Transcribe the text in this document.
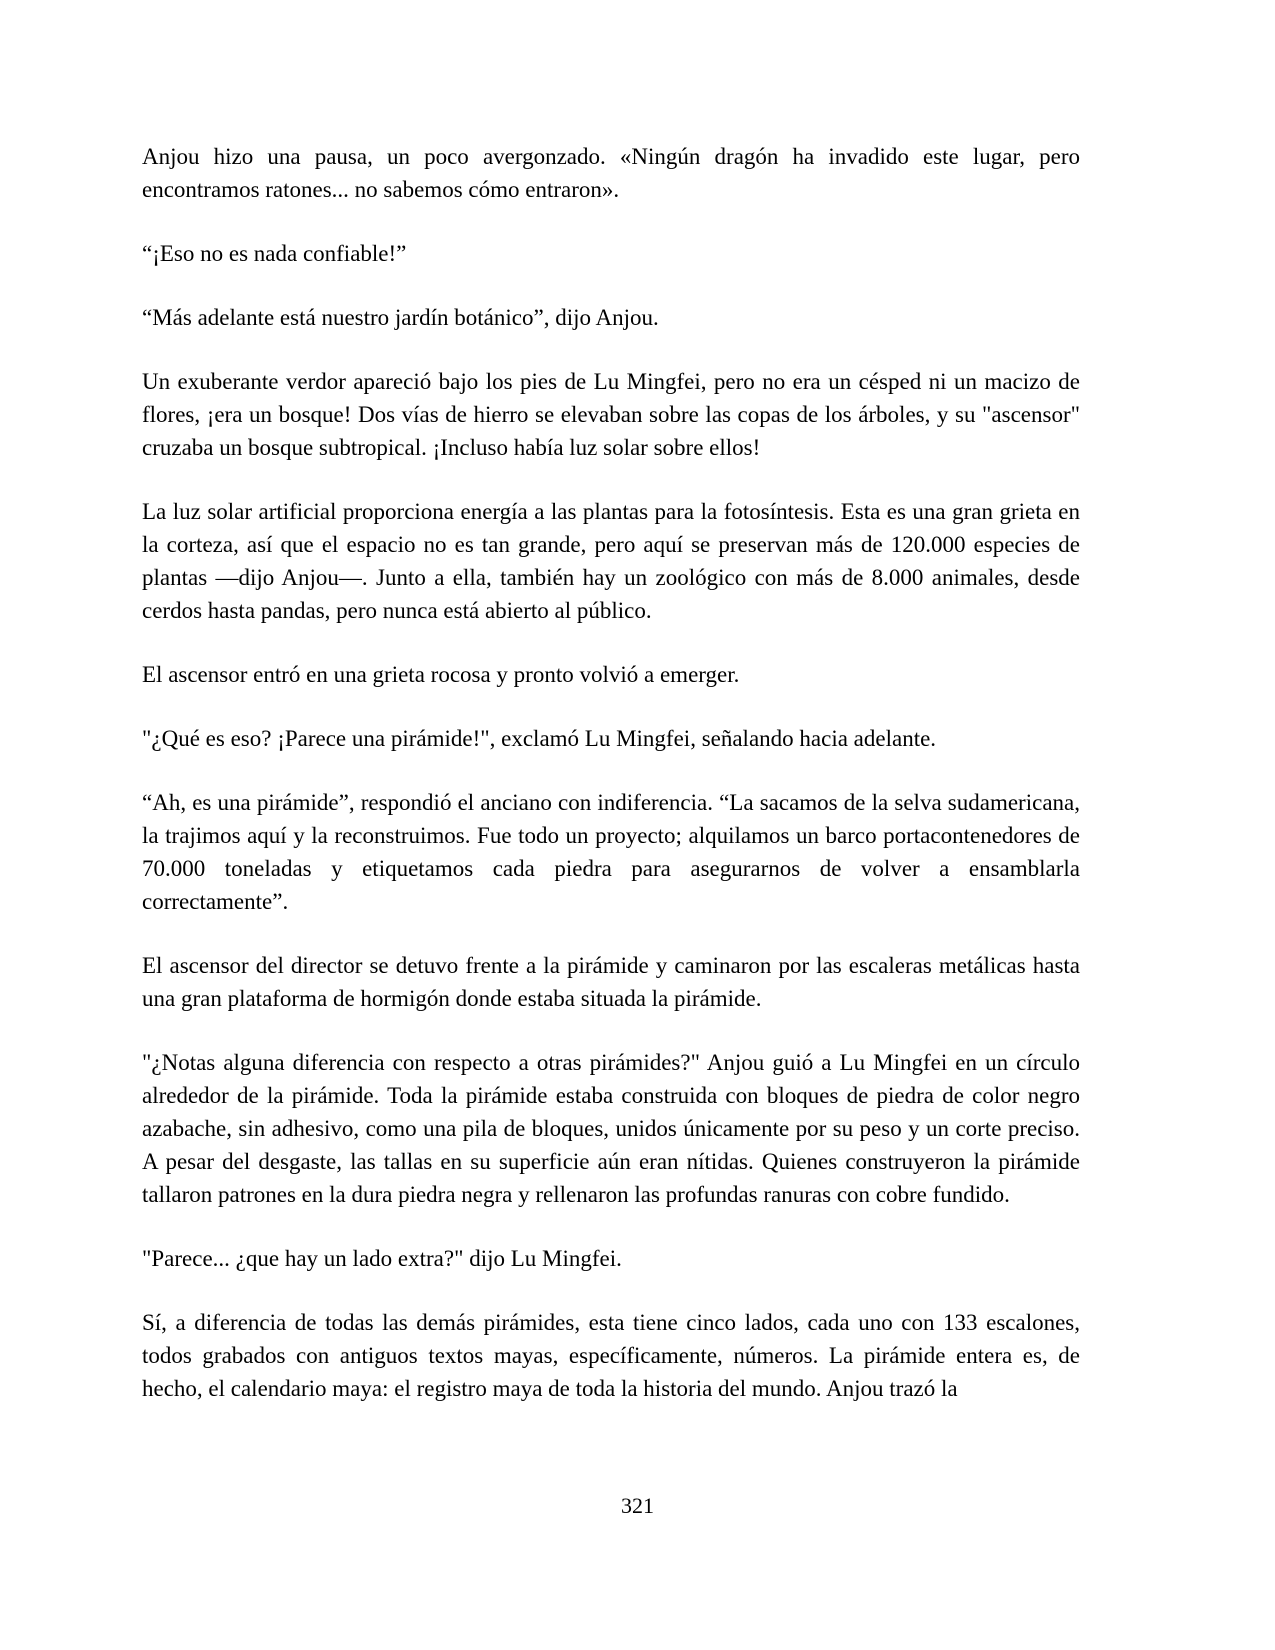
Anjou hizo una pausa, un poco avergonzado. «Ningún dragón ha invadido este lugar, pero encontramos ratones... no sabemos cómo entraron».

“¡Eso no es nada confiable!”

“Más adelante está nuestro jardín botánico”, dijo Anjou.

Un exuberante verdor apareció bajo los pies de Lu Mingfei, pero no era un césped ni un macizo de flores, ¡era un bosque! Dos vías de hierro se elevaban sobre las copas de los árboles, y su "ascensor" cruzaba un bosque subtropical. ¡Incluso había luz solar sobre ellos!

La luz solar artificial proporciona energía a las plantas para la fotosíntesis. Esta es una gran grieta en la corteza, así que el espacio no es tan grande, pero aquí se preservan más de 120.000 especies de plantas —dijo Anjou—. Junto a ella, también hay un zoológico con más de 8.000 animales, desde cerdos hasta pandas, pero nunca está abierto al público.

El ascensor entró en una grieta rocosa y pronto volvió a emerger.

"¿Qué es eso? ¡Parece una pirámide!", exclamó Lu Mingfei, señalando hacia adelante.

“Ah, es una pirámide”, respondió el anciano con indiferencia. “La sacamos de la selva sudamericana, la trajimos aquí y la reconstruimos. Fue todo un proyecto; alquilamos un barco portacontenedores de 70.000 toneladas y etiquetamos cada piedra para asegurarnos de volver a ensamblarla correctamente”.

El ascensor del director se detuvo frente a la pirámide y caminaron por las escaleras metálicas hasta una gran plataforma de hormigón donde estaba situada la pirámide.

"¿Notas alguna diferencia con respecto a otras pirámides?" Anjou guió a Lu Mingfei en un círculo alrededor de la pirámide. Toda la pirámide estaba construida con bloques de piedra de color negro azabache, sin adhesivo, como una pila de bloques, unidos únicamente por su peso y un corte preciso. A pesar del desgaste, las tallas en su superficie aún eran nítidas. Quienes construyeron la pirámide tallaron patrones en la dura piedra negra y rellenaron las profundas ranuras con cobre fundido.

"Parece... ¿que hay un lado extra?" dijo Lu Mingfei.

Sí, a diferencia de todas las demás pirámides, esta tiene cinco lados, cada uno con 133 escalones, todos grabados con antiguos textos mayas, específicamente, números. La pirámide entera es, de hecho, el calendario maya: el registro maya de toda la historia del mundo. Anjou trazó la

321
